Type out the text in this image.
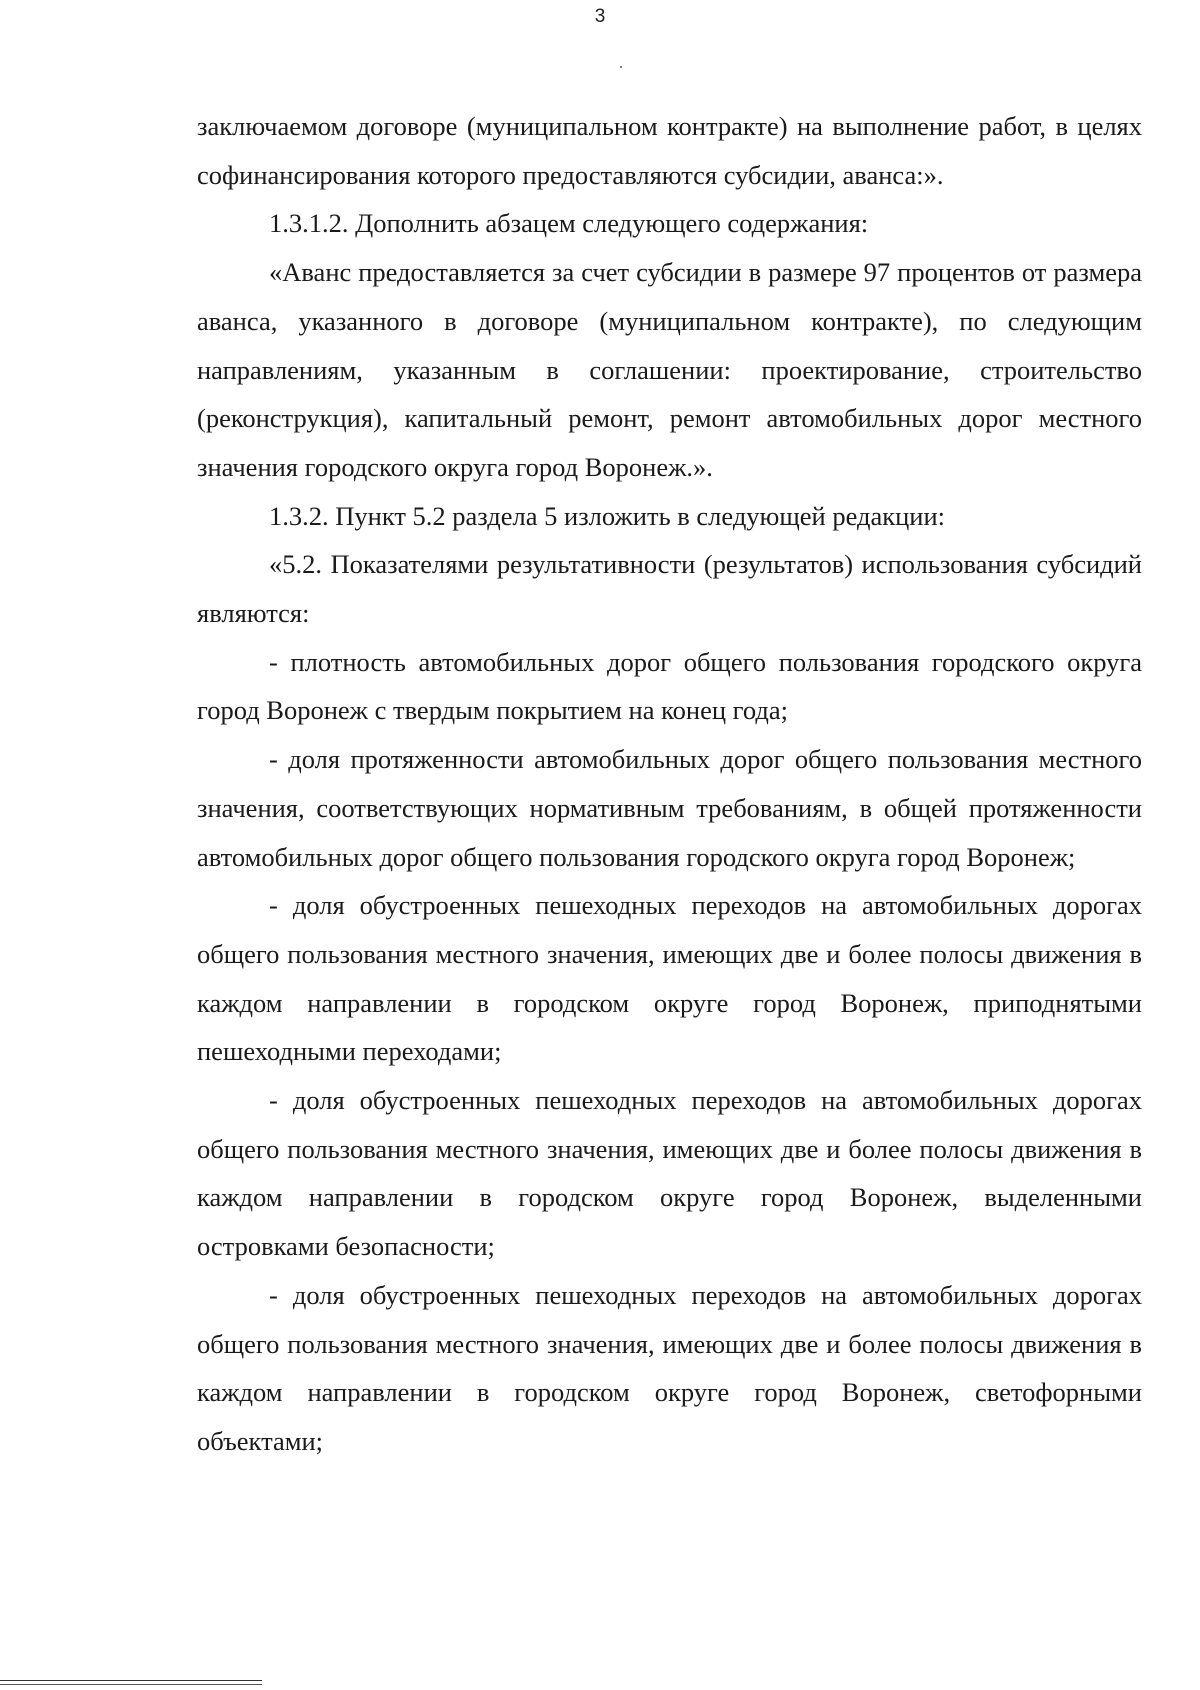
3

заключаемом договоре (муниципальном контракте) на выполнение работ, в целях софинансирования которого предоставляются субсидии, аванса:».

1.3.1.2. Дополнить абзацем следующего содержания:

«Аванс предоставляется за счет субсидии в размере 97 процентов от размера аванса, указанного в договоре (муниципальном контракте), по следующим направлениям, указанным в соглашении: проектирование, строительство (реконструкция), капитальный ремонт, ремонт автомобильных дорог местного значения городского округа город Воронеж.».

1.3.2. Пункт 5.2 раздела 5 изложить в следующей редакции:

«5.2. Показателями результативности (результатов) использования субсидий являются:

- плотность автомобильных дорог общего пользования городского округа город Воронеж с твердым покрытием на конец года;

- доля протяженности автомобильных дорог общего пользования местного значения, соответствующих нормативным требованиям, в общей протяженности автомобильных дорог общего пользования городского округа город Воронеж;

- доля обустроенных пешеходных переходов на автомобильных дорогах общего пользования местного значения, имеющих две и более полосы движения в каждом направлении в городском округе город Воронеж, приподнятыми пешеходными переходами;

- доля обустроенных пешеходных переходов на автомобильных дорогах общего пользования местного значения, имеющих две и более полосы движения в каждом направлении в городском округе город Воронеж, выделенными островками безопасности;

- доля обустроенных пешеходных переходов на автомобильных дорогах общего пользования местного значения, имеющих две и более полосы движения в каждом направлении в городском округе город Воронеж, светофорными объектами;
